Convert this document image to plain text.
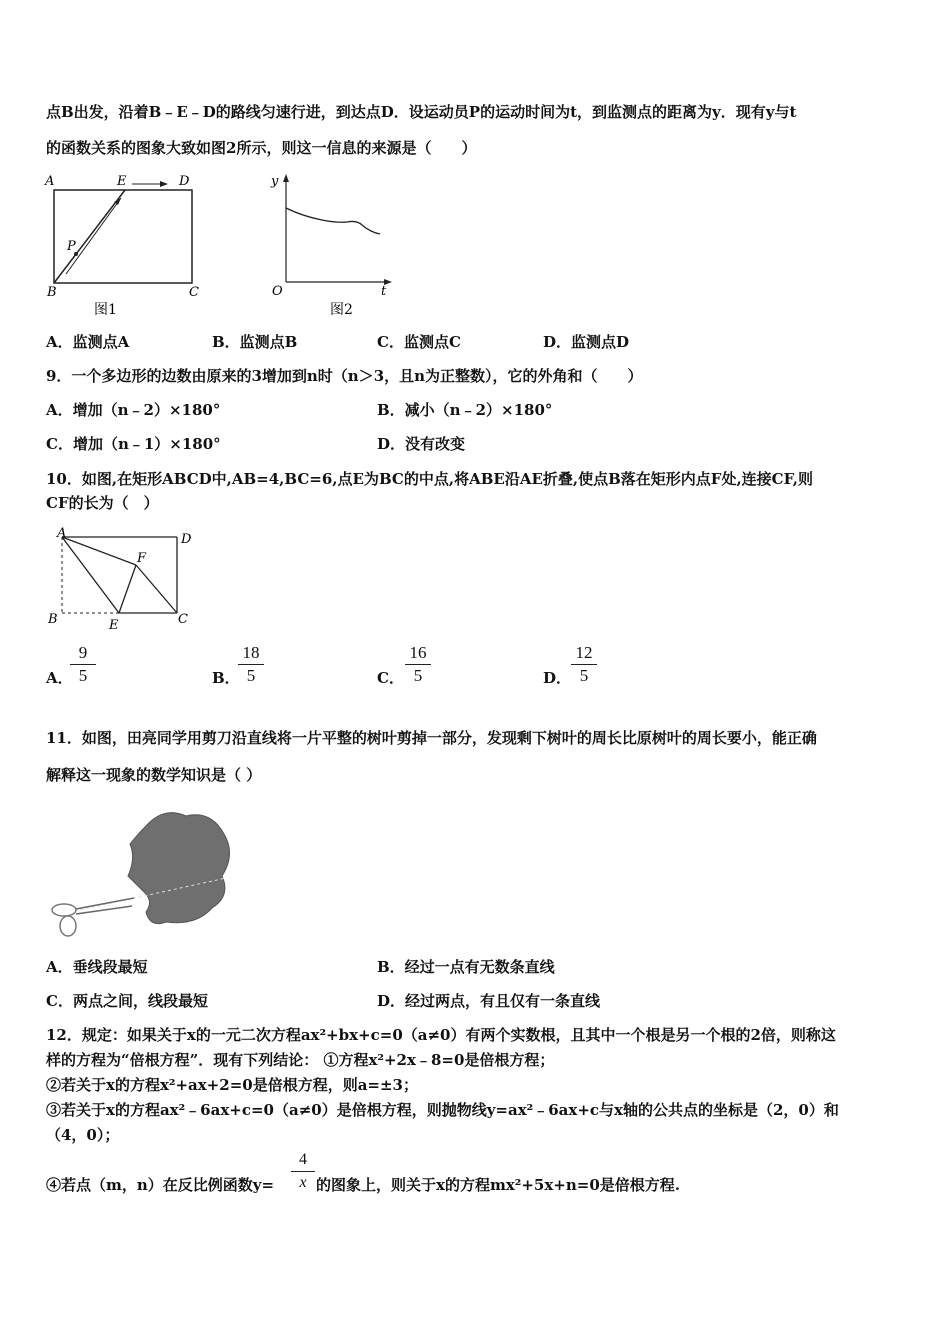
点B出发，沿着B﹣E﹣D的路线匀速行进，到达点D．设运动员P的运动时间为t，到监测点的距离为y．现有y与t
的函数关系的图象大致如图2所示，则这一信息的来源是（　　）
A	E	D
P
B	C
图1
y
O	t
图2
A．监测点A	B．监测点B	C．监测点C	D．监测点D
9．一个多边形的边数由原来的3增加到n时（n＞3，且n为正整数），它的外角和（　　）
A．增加（n﹣2）×180°	B．减小（n﹣2）×180°
C．增加（n﹣1）×180°	D．没有改变
10．如图,在矩形ABCD中,AB=4,BC=6,点E为BC的中点,将ABE沿AE折叠,使点B落在矩形内点F处,连接CF,则
CF的长为（　）
A	D
F
B	E	C
A．
9
5	B．
18
5	C．
16
5	D．
12
5
11．如图，田亮同学用剪刀沿直线将一片平整的树叶剪掉一部分，发现剩下树叶的周长比原树叶的周长要小，能正确
解释这一现象的数学知识是（ ）
A．垂线段最短	B．经过一点有无数条直线
C．两点之间，线段最短	D．经过两点，有且仅有一条直线
12．规定：如果关于x的一元二次方程ax²+bx+c=0（a≠0）有两个实数根，且其中一个根是另一个根的2倍，则称这
样的方程为“倍根方程”．现有下列结论： ①方程x²+2x﹣8=0是倍根方程；
②若关于x的方程x²+ax+2=0是倍根方程，则a=±3；
③若关于x的方程ax²﹣6ax+c=0（a≠0）是倍根方程，则抛物线y=ax²﹣6ax+c与x轴的公共点的坐标是（2，0）和
（4，0）；
④若点（m，n）在反比例函数y=
4
x 的图象上，则关于x的方程mx²+5x+n=0是倍根方程.
